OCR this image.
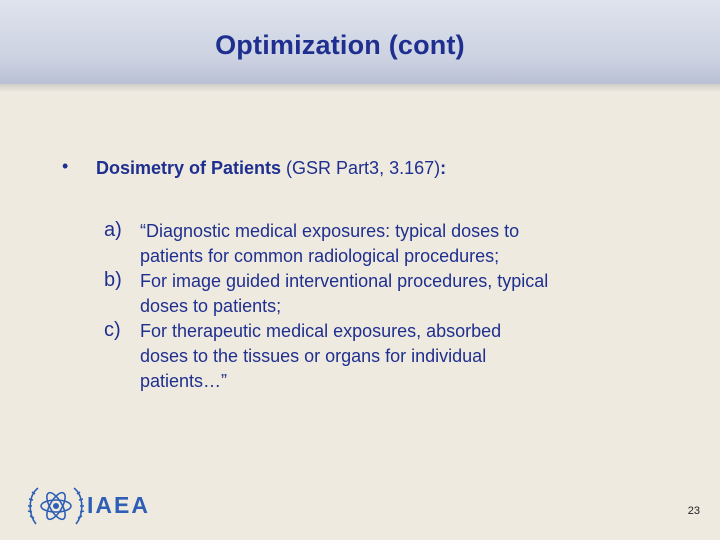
Optimization (cont)
• Dosimetry of Patients (GSR Part3, 3.167):
a) “Diagnostic medical exposures: typical doses to
patients for common radiological procedures;
b) For image guided interventional procedures, typical
doses to patients;
c) For therapeutic medical exposures, absorbed
doses to the tissues or organs for individual
patients…”
IAEA	23
